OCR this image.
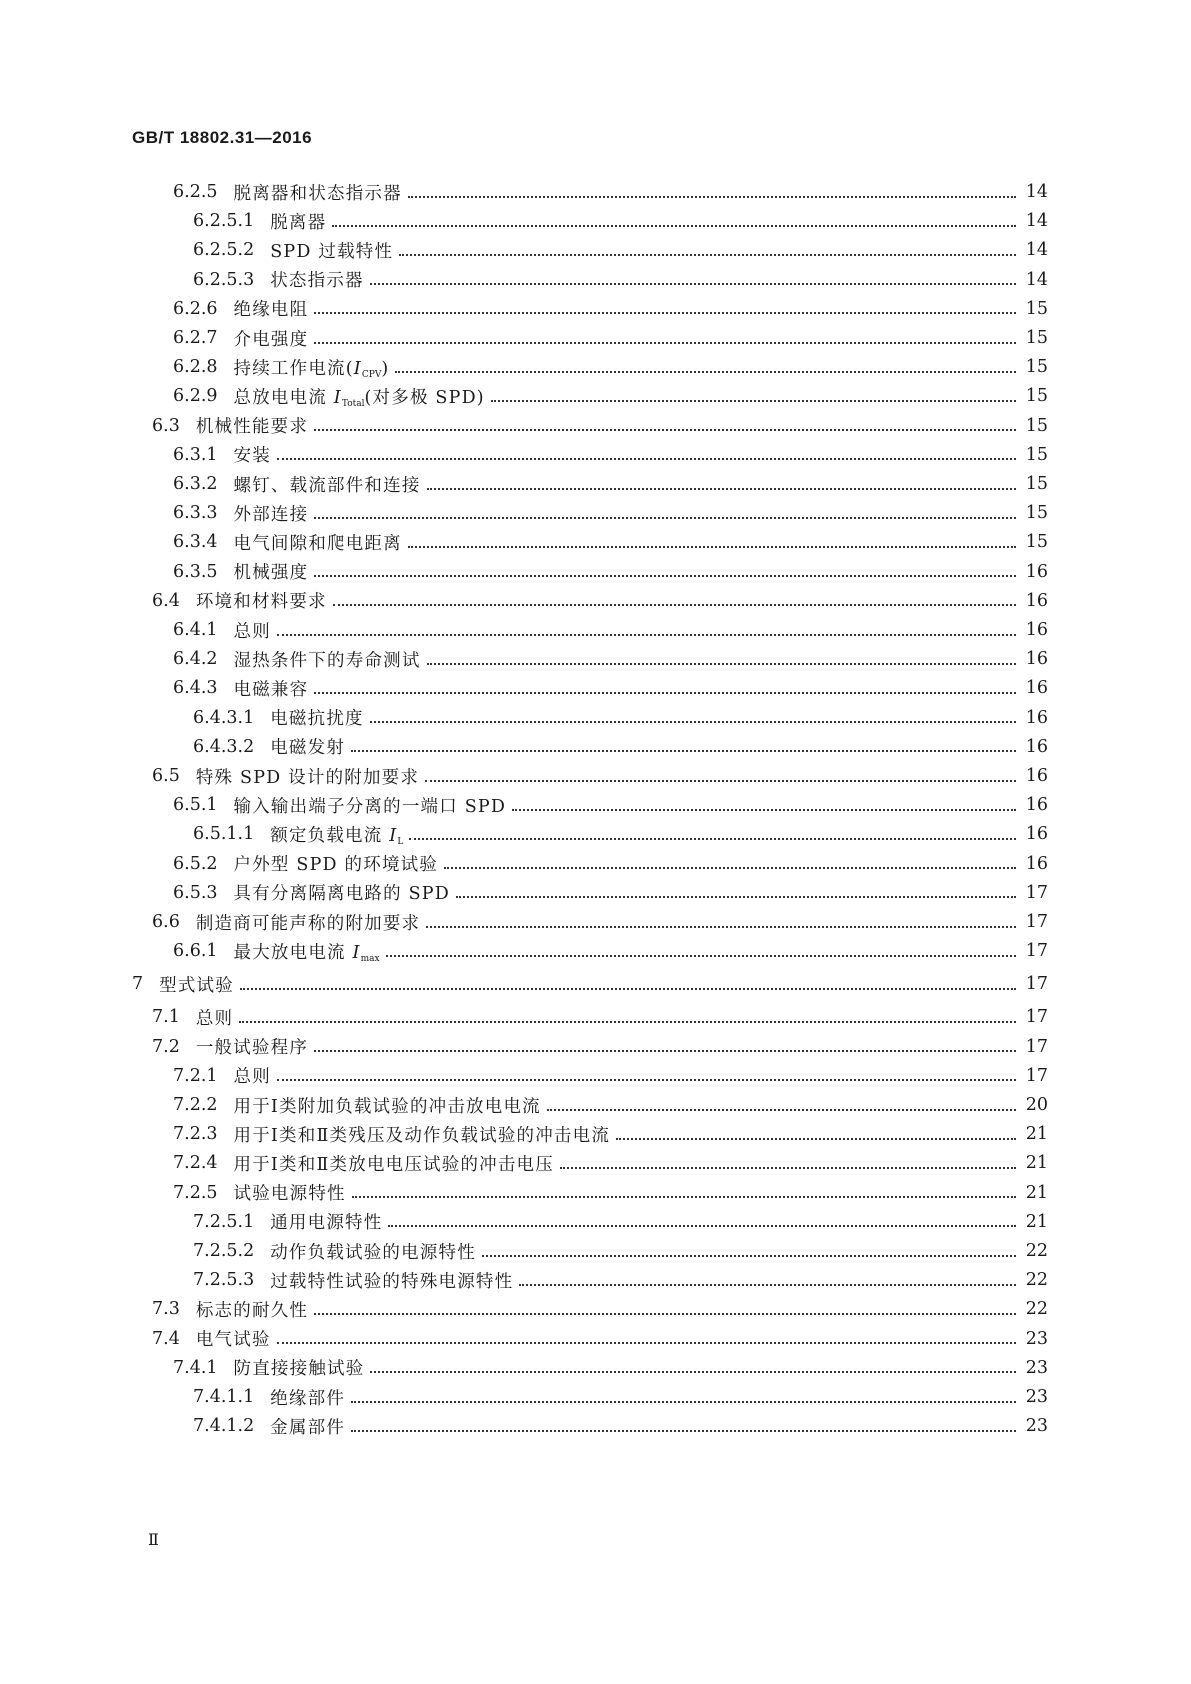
GB/T 18802.31—2016
6.2.5 脱离器和状态指示器	14
6.2.5.1 脱离器	14
6.2.5.2 SPD 过载特性	14
6.2.5.3 状态指示器	14
6.2.6 绝缘电阻	15
6.2.7 介电强度	15
6.2.8 持续工作电流$(I_{CPV})$	15
6.2.9 总放电电流 $I_{Total}$(对多极 SPD)	15
6.3 机械性能要求	15
6.3.1 安装	15
6.3.2 螺钉、载流部件和连接	15
6.3.3 外部连接	15
6.3.4 电气间隙和爬电距离	15
6.3.5 机械强度	16
6.4 环境和材料要求	16
6.4.1 总则	16
6.4.2 湿热条件下的寿命测试	16
6.4.3 电磁兼容	16
6.4.3.1 电磁抗扰度	16
6.4.3.2 电磁发射	16
6.5 特殊 SPD 设计的附加要求	16
6.5.1 输入输出端子分离的一端口 SPD	16
6.5.1.1 额定负载电流 $I_L$	16
6.5.2 户外型 SPD 的环境试验	16
6.5.3 具有分离隔离电路的 SPD	17
6.6 制造商可能声称的附加要求	17
6.6.1 最大放电电流 $I_{max}$	17
7 型式试验	17
7.1 总则	17
7.2 一般试验程序	17
7.2.1 总则	17
7.2.2 用于Ⅰ类附加负载试验的冲击放电电流	20
7.2.3 用于Ⅰ类和Ⅱ类残压及动作负载试验的冲击电流	21
7.2.4 用于Ⅰ类和Ⅱ类放电电压试验的冲击电压	21
7.2.5 试验电源特性	21
7.2.5.1 通用电源特性	21
7.2.5.2 动作负载试验的电源特性	22
7.2.5.3 过载特性试验的特殊电源特性	22
7.3 标志的耐久性	22
7.4 电气试验	23
7.4.1 防直接接触试验	23
7.4.1.1 绝缘部件	23
7.4.1.2 金属部件	23
Ⅱ
